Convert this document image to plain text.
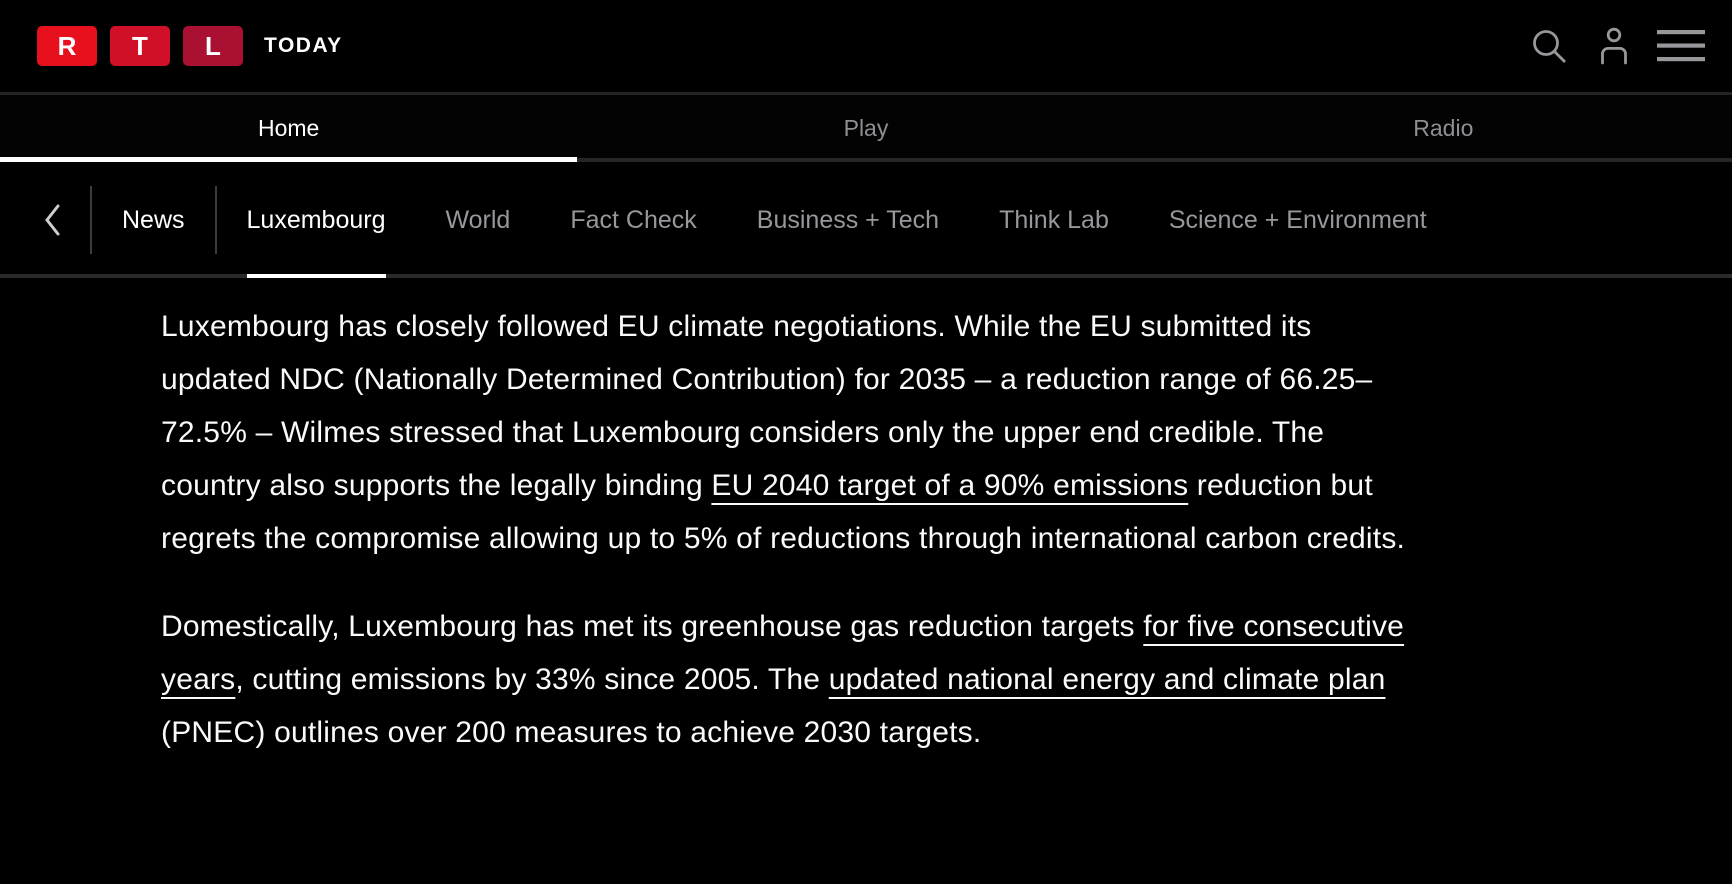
R	T	L	TODAY
Home	Play	Radio
News	Luxembourg	World	Fact Check	Business + Tech	Think Lab	Science + Environment

Luxembourg has closely followed EU climate negotiations. While the EU submitted its updated NDC (Nationally Determined Contribution) for 2035 – a reduction range of 66.25–72.5% – Wilmes stressed that Luxembourg considers only the upper end credible. The country also supports the legally binding EU 2040 target of a 90% emissions reduction but regrets the compromise allowing up to 5% of reductions through international carbon credits.

Domestically, Luxembourg has met its greenhouse gas reduction targets for five consecutive years, cutting emissions by 33% since 2005. The updated national energy and climate plan (PNEC) outlines over 200 measures to achieve 2030 targets.
